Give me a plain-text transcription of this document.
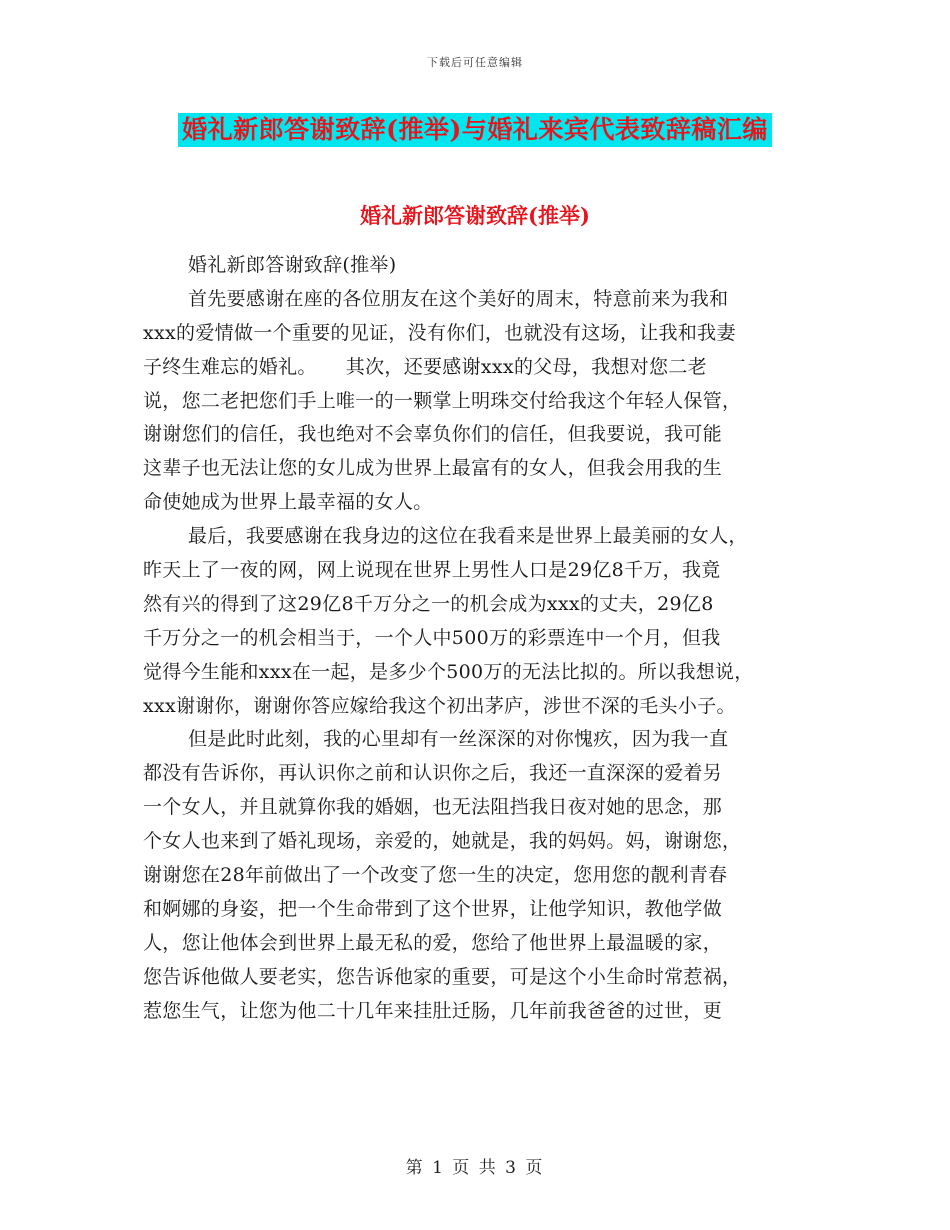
下载后可任意编辑
婚礼新郎答谢致辞(推举)与婚礼来宾代表致辞稿汇编
婚礼新郎答谢致辞(推举)
婚礼新郎答谢致辞(推举)
首先要感谢在座的各位朋友在这个美好的周末，特意前来为我和
xxx的爱情做一个重要的见证，没有你们，也就没有这场，让我和我妻
子终生难忘的婚礼。　　其次，还要感谢xxx的父母，我想对您二老
说，您二老把您们手上唯一的一颗掌上明珠交付给我这个年轻人保管，
谢谢您们的信任，我也绝对不会辜负你们的信任，但我要说，我可能
这辈子也无法让您的女儿成为世界上最富有的女人，但我会用我的生
命使她成为世界上最幸福的女人。
最后，我要感谢在我身边的这位在我看来是世界上最美丽的女人，
昨天上了一夜的网，网上说现在世界上男性人口是29亿8千万，我竟
然有兴的得到了这29亿8千万分之一的机会成为xxx的丈夫，29亿8
千万分之一的机会相当于，一个人中500万的彩票连中一个月，但我
觉得今生能和xxx在一起，是多少个500万的无法比拟的。所以我想说，
xxx谢谢你，谢谢你答应嫁给我这个初出茅庐，涉世不深的毛头小子。
但是此时此刻，我的心里却有一丝深深的对你愧疚，因为我一直
都没有告诉你，再认识你之前和认识你之后，我还一直深深的爱着另
一个女人，并且就算你我的婚姻，也无法阻挡我日夜对她的思念，那
个女人也来到了婚礼现场，亲爱的，她就是，我的妈妈。妈，谢谢您，
谢谢您在28年前做出了一个改变了您一生的决定，您用您的靓利青春
和婀娜的身姿，把一个生命带到了这个世界，让他学知识，教他学做
人，您让他体会到世界上最无私的爱，您给了他世界上最温暖的家，
您告诉他做人要老实，您告诉他家的重要，可是这个小生命时常惹祸，
惹您生气，让您为他二十几年来挂肚迁肠，几年前我爸爸的过世，更
第 1 页 共 3 页
